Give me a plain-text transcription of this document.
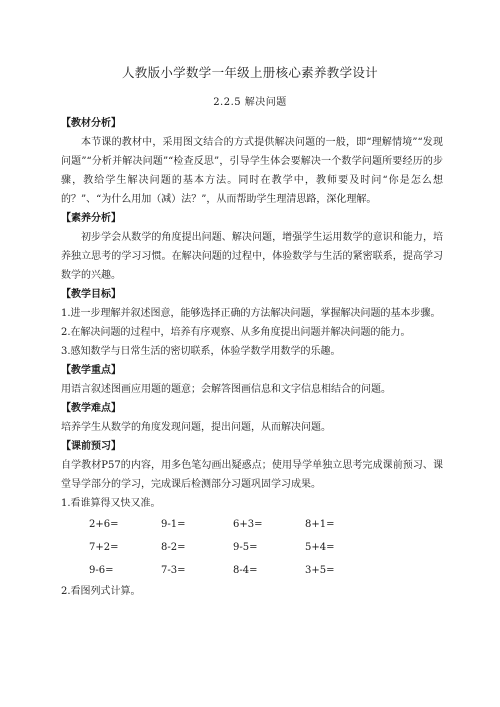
人教版小学数学一年级上册核心素养教学设计
2.2.5 解决问题

【教材分析】

本节课的教材中，采用图文结合的方式提供解决问题的一般，即“理解情境”“发现问题”“分析并解决问题”“检查反思”，引导学生体会要解决一个数学问题所要经历的步骤，教给学生解决问题的基本方法。同时在教学中，教师要及时问“你是怎么想的？”、“为什么用加（减）法？”，从而帮助学生理清思路，深化理解。

【素养分析】

初步学会从数学的角度提出问题、解决问题，增强学生运用数学的意识和能力，培养独立思考的学习习惯。在解决问题的过程中，体验数学与生活的紧密联系，提高学习数学的兴趣。

【教学目标】

1.进一步理解并叙述图意，能够选择正确的方法解决问题，掌握解决问题的基本步骤。

2.在解决问题的过程中，培养有序观察、从多角度提出问题并解决问题的能力。

3.感知数学与日常生活的密切联系，体验学数学用数学的乐趣。

【教学重点】

用语言叙述图画应用题的题意；会解答图画信息和文字信息相结合的问题。

【教学难点】

培养学生从数学的角度发现问题，提出问题，从而解决问题。

【课前预习】

自学教材P57的内容，用多色笔勾画出疑惑点；使用导学单独立思考完成课前预习、课堂导学部分的学习，完成课后检测部分习题巩固学习成果。

1.看谁算得又快又准。

2+6=	9-1=	6+3=	8+1=
7+2=	8-2=	9-5=	5+4=
9-6=	7-3=	8-4=	3+5=

2.看图列式计算。
